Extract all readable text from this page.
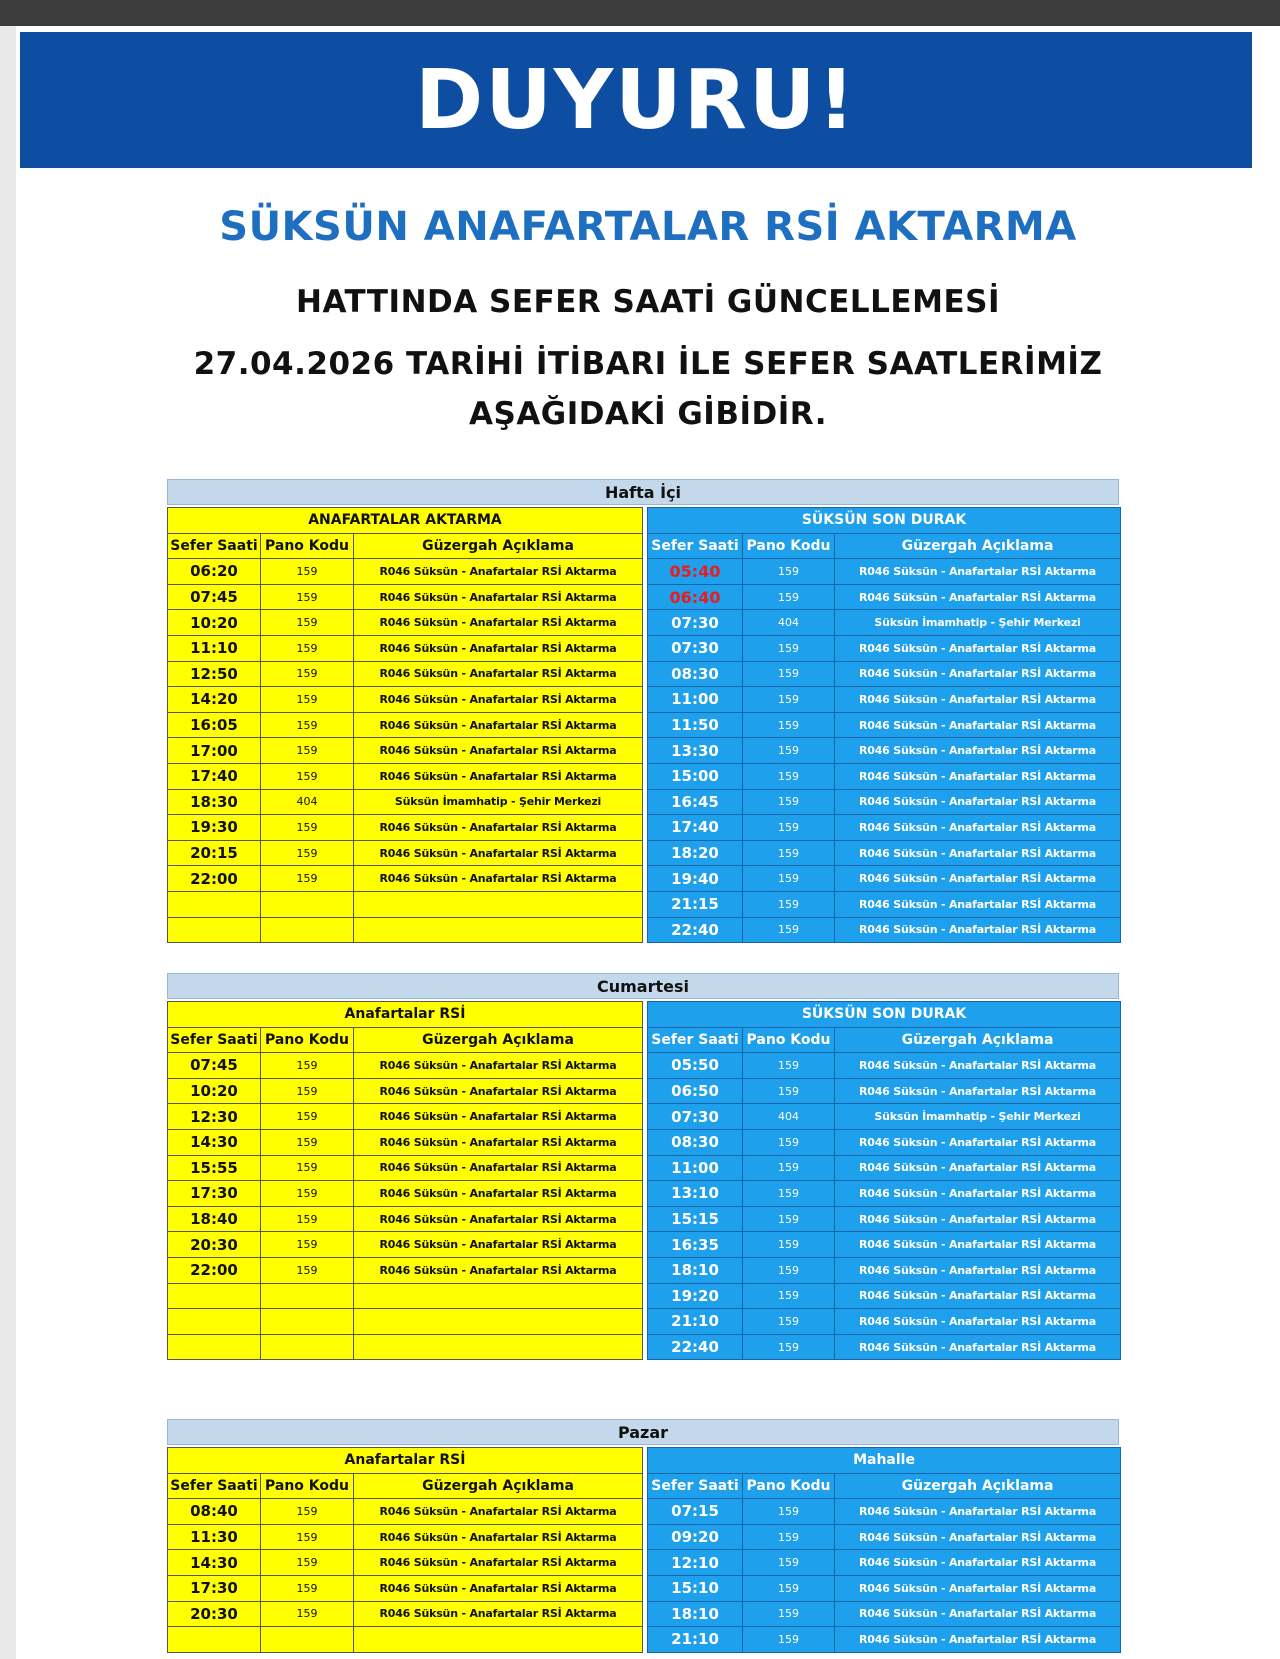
DUYURU!
SÜKSÜN ANAFARTALAR RSİ AKTARMA
HATTINDA SEFER SAATİ GÜNCELLEMESİ
27.04.2026 TARİHİ İTİBARI İLE SEFER SAATLERİMİZ
AŞAĞIDAKİ GİBİDİR.
Hafta İçi
ANAFARTALAR AKTARMA		
Sefer Saati	Pano Kodu	Güzergah Açıklama
06:20	159	R046 Süksün - Anafartalar RSİ Aktarma
07:45	159	R046 Süksün - Anafartalar RSİ Aktarma
10:20	159	R046 Süksün - Anafartalar RSİ Aktarma
11:10	159	R046 Süksün - Anafartalar RSİ Aktarma
12:50	159	R046 Süksün - Anafartalar RSİ Aktarma
14:20	159	R046 Süksün - Anafartalar RSİ Aktarma
16:05	159	R046 Süksün - Anafartalar RSİ Aktarma
17:00	159	R046 Süksün - Anafartalar RSİ Aktarma
17:40	159	R046 Süksün - Anafartalar RSİ Aktarma
18:30	404	Süksün İmamhatip - Şehir Merkezi
19:30	159	R046 Süksün - Anafartalar RSİ Aktarma
20:15	159	R046 Süksün - Anafartalar RSİ Aktarma
22:00	159	R046 Süksün - Anafartalar RSİ Aktarma

SÜKSÜN SON DURAK		
Sefer Saati	Pano Kodu	Güzergah Açıklama
05:40	159	R046 Süksün - Anafartalar RSİ Aktarma
06:40	159	R046 Süksün - Anafartalar RSİ Aktarma
07:30	404	Süksün İmamhatip - Şehir Merkezi
07:30	159	R046 Süksün - Anafartalar RSİ Aktarma
08:30	159	R046 Süksün - Anafartalar RSİ Aktarma
11:00	159	R046 Süksün - Anafartalar RSİ Aktarma
11:50	159	R046 Süksün - Anafartalar RSİ Aktarma
13:30	159	R046 Süksün - Anafartalar RSİ Aktarma
15:00	159	R046 Süksün - Anafartalar RSİ Aktarma
16:45	159	R046 Süksün - Anafartalar RSİ Aktarma
17:40	159	R046 Süksün - Anafartalar RSİ Aktarma
18:20	159	R046 Süksün - Anafartalar RSİ Aktarma
19:40	159	R046 Süksün - Anafartalar RSİ Aktarma
21:15	159	R046 Süksün - Anafartalar RSİ Aktarma
22:40	159	R046 Süksün - Anafartalar RSİ Aktarma
Cumartesi
Anafartalar RSİ		
Sefer Saati	Pano Kodu	Güzergah Açıklama
07:45	159	R046 Süksün - Anafartalar RSİ Aktarma
10:20	159	R046 Süksün - Anafartalar RSİ Aktarma
12:30	159	R046 Süksün - Anafartalar RSİ Aktarma
14:30	159	R046 Süksün - Anafartalar RSİ Aktarma
15:55	159	R046 Süksün - Anafartalar RSİ Aktarma
17:30	159	R046 Süksün - Anafartalar RSİ Aktarma
18:40	159	R046 Süksün - Anafartalar RSİ Aktarma
20:30	159	R046 Süksün - Anafartalar RSİ Aktarma
22:00	159	R046 Süksün - Anafartalar RSİ Aktarma

SÜKSÜN SON DURAK		
Sefer Saati	Pano Kodu	Güzergah Açıklama
05:50	159	R046 Süksün - Anafartalar RSİ Aktarma
06:50	159	R046 Süksün - Anafartalar RSİ Aktarma
07:30	404	Süksün İmamhatip - Şehir Merkezi
08:30	159	R046 Süksün - Anafartalar RSİ Aktarma
11:00	159	R046 Süksün - Anafartalar RSİ Aktarma
13:10	159	R046 Süksün - Anafartalar RSİ Aktarma
15:15	159	R046 Süksün - Anafartalar RSİ Aktarma
16:35	159	R046 Süksün - Anafartalar RSİ Aktarma
18:10	159	R046 Süksün - Anafartalar RSİ Aktarma
19:20	159	R046 Süksün - Anafartalar RSİ Aktarma
21:10	159	R046 Süksün - Anafartalar RSİ Aktarma
22:40	159	R046 Süksün - Anafartalar RSİ Aktarma
Pazar
Anafartalar RSİ		
Sefer Saati	Pano Kodu	Güzergah Açıklama
08:40	159	R046 Süksün - Anafartalar RSİ Aktarma
11:30	159	R046 Süksün - Anafartalar RSİ Aktarma
14:30	159	R046 Süksün - Anafartalar RSİ Aktarma
17:30	159	R046 Süksün - Anafartalar RSİ Aktarma
20:30	159	R046 Süksün - Anafartalar RSİ Aktarma

Mahalle		
Sefer Saati	Pano Kodu	Güzergah Açıklama
07:15	159	R046 Süksün - Anafartalar RSİ Aktarma
09:20	159	R046 Süksün - Anafartalar RSİ Aktarma
12:10	159	R046 Süksün - Anafartalar RSİ Aktarma
15:10	159	R046 Süksün - Anafartalar RSİ Aktarma
18:10	159	R046 Süksün - Anafartalar RSİ Aktarma
21:10	159	R046 Süksün - Anafartalar RSİ Aktarma
